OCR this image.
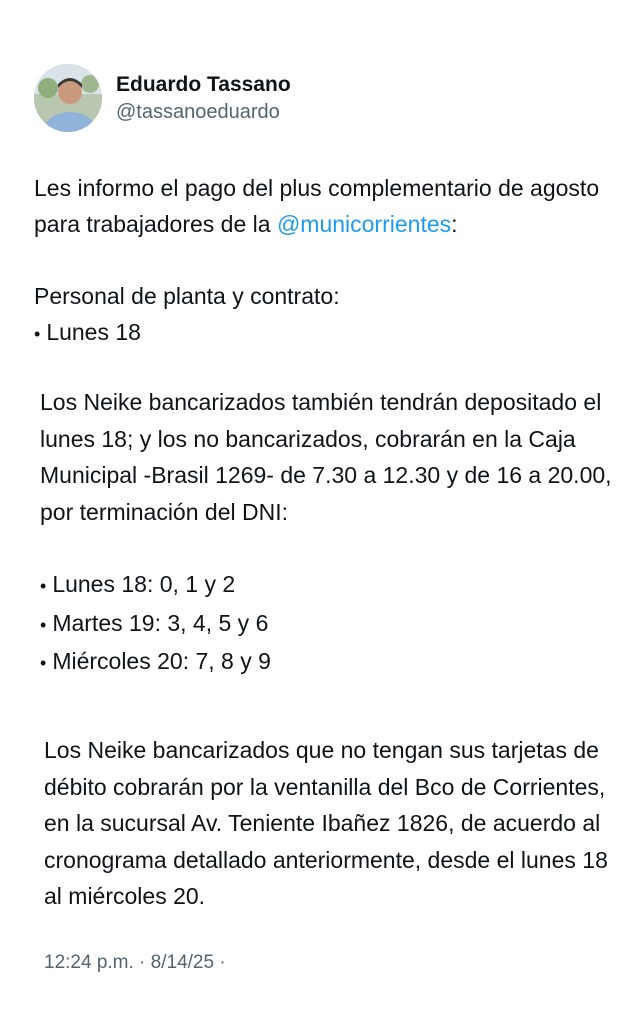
Eduardo Tassano
@tassanoeduardo

Les informo el pago del plus complementario de agosto para trabajadores de la @municorrientes:

Personal de planta y contrato:

• Lunes 18

Los Neike bancarizados también tendrán depositado el lunes 18; y los no bancarizados, cobrarán en la Caja Municipal -Brasil 1269- de 7.30 a 12.30 y de 16 a 20.00, por terminación del DNI:

• Lunes 18: 0, 1 y 2
• Martes 19: 3, 4, 5 y 6
• Miércoles 20: 7, 8 y 9

Los Neike bancarizados que no tengan sus tarjetas de débito cobrarán por la ventanilla del Bco de Corrientes, en la sucursal Av. Teniente Ibañez 1826, de acuerdo al cronograma detallado anteriormente, desde el lunes 18 al miércoles 20.

12:24 p.m. · 8/14/25 ·
